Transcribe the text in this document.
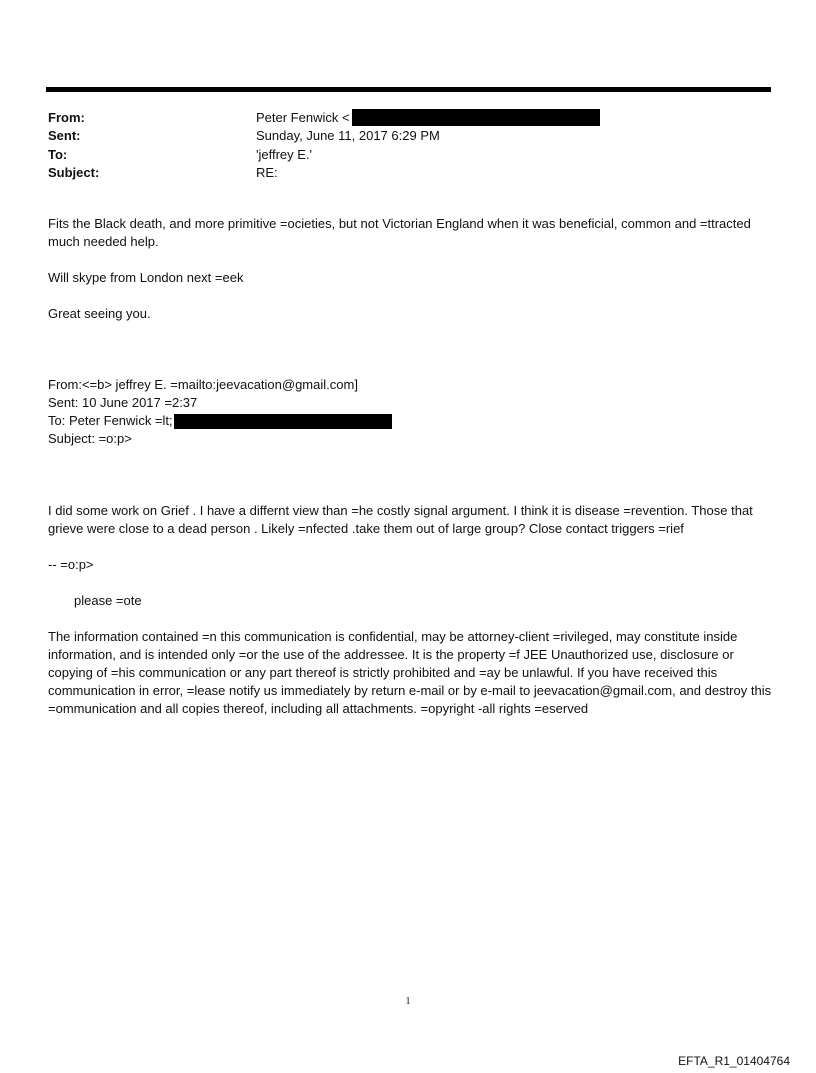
From:	Peter Fenwick <
Sent:	Sunday, June 11, 2017 6:29 PM
To:	'jeffrey E.'
Subject:	RE:

Fits the Black death, and more primitive =ocieties, but not Victorian England when it was beneficial, common and =ttracted much needed help.

Will skype from London next =eek

Great seeing you.

From:<=b> jeffrey E. =mailto:jeevacation@gmail.com]
Sent: 10 June 2017 =2:37
To: Peter Fenwick =lt;
Subject: =o:p>

I did some work on Grief . I have a differnt view than =he costly signal argument. I think it is disease =revention. Those that grieve were close to a dead person . Likely =nfected .take them out of large group? Close contact triggers =rief

-- =o:p>

please =ote

The information contained =n this communication is confidential, may be attorney-client =rivileged, may constitute inside information, and is intended only =or the use of the addressee. It is the property =f JEE Unauthorized use, disclosure or copying of =his communication or any part thereof is strictly prohibited and =ay be unlawful. If you have received this communication in error, =lease notify us immediately by return e-mail or by e-mail to jeevacation@gmail.com, and destroy this =ommunication and all copies thereof, including all attachments. =opyright -all rights =eserved

1
EFTA_R1_01404764
